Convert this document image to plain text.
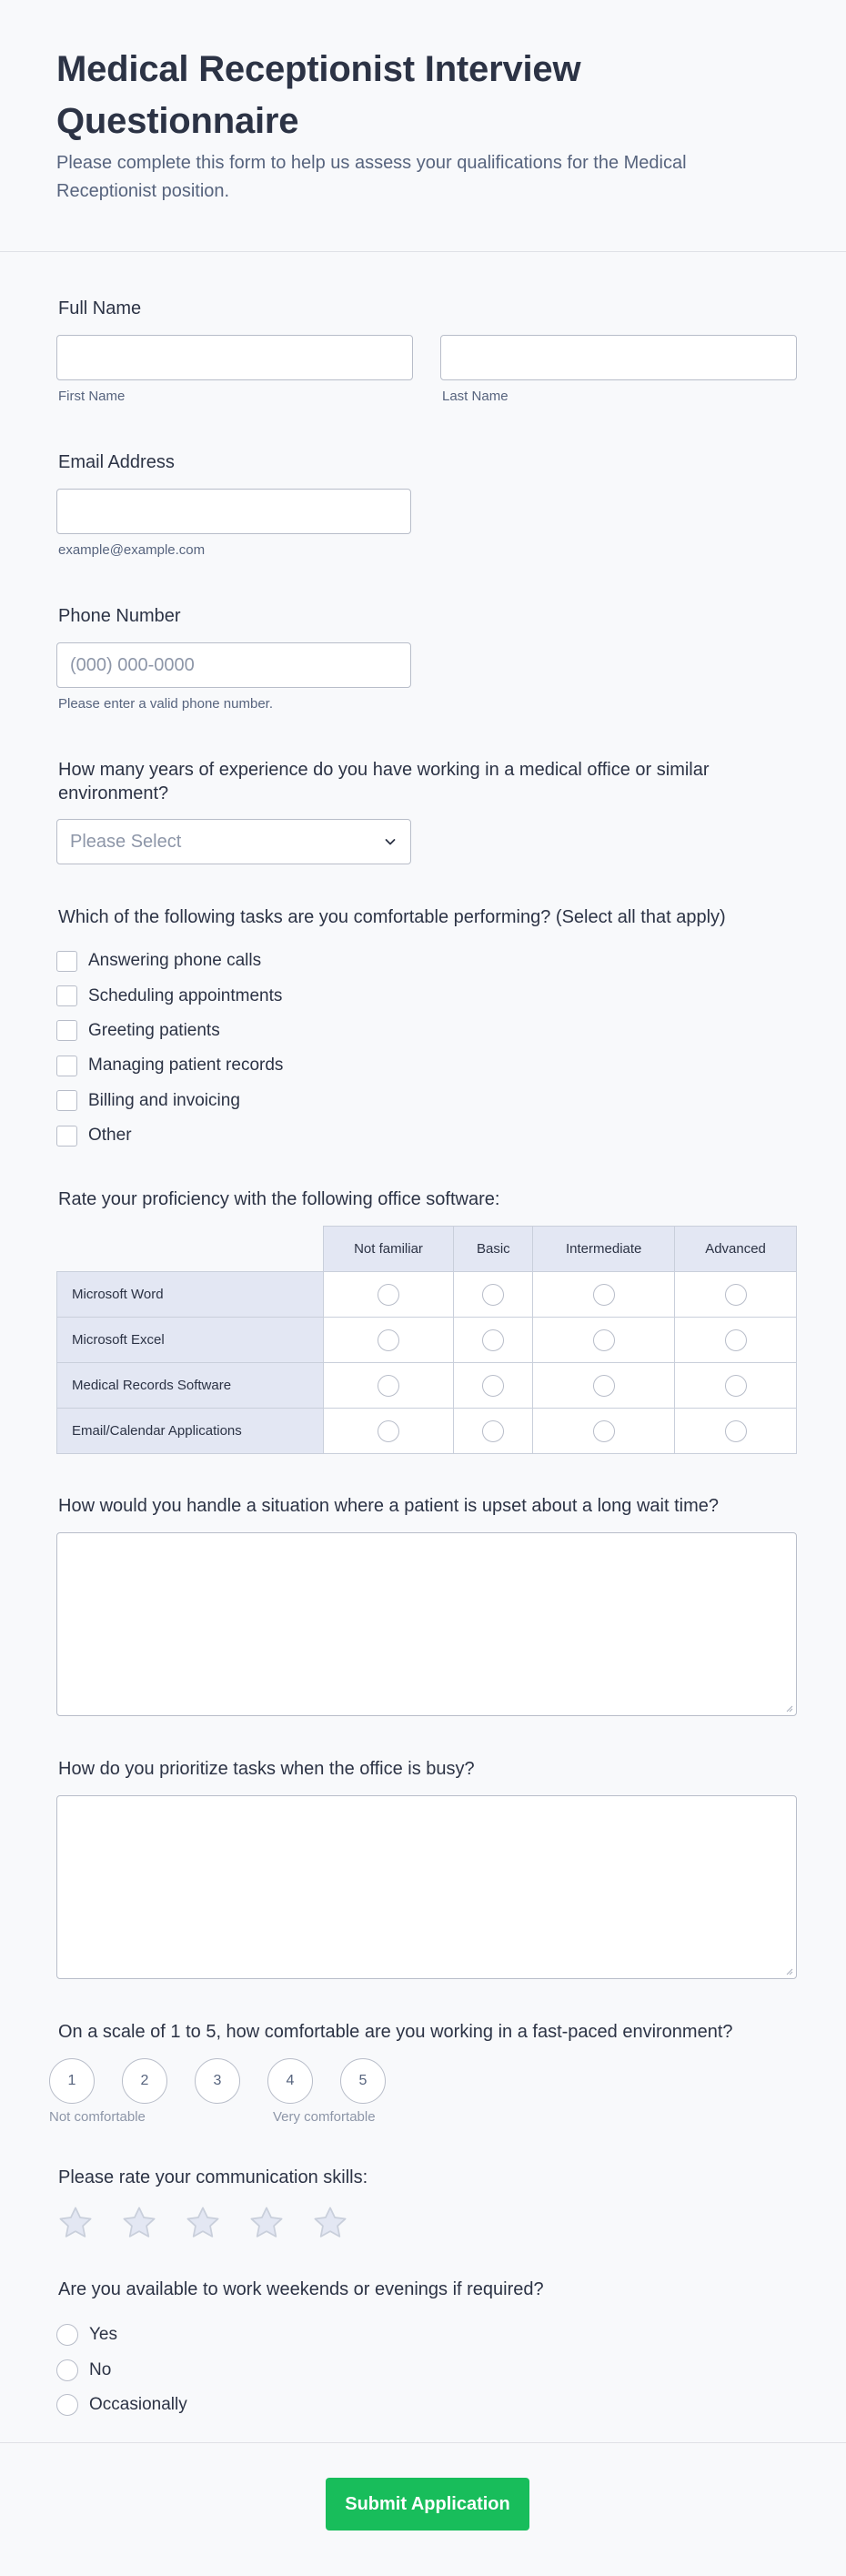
Medical Receptionist Interview Questionnaire

Please complete this form to help us assess your qualifications for the Medical Receptionist position.

Full Name
First Name	Last Name
Email Address
example@example.com
Phone Number
(000) 000-0000
Please enter a valid phone number.
How many years of experience do you have working in a medical office or similar environment?
Please Select
Which of the following tasks are you comfortable performing? (Select all that apply)
Answering phone calls
Scheduling appointments
Greeting patients
Managing patient records
Billing and invoicing
Other
Rate your proficiency with the following office software:
	Not familiar	Basic	Intermediate	Advanced
Microsoft Word				
Microsoft Excel				
Medical Records Software				
Email/Calendar Applications				
How would you handle a situation where a patient is upset about a long wait time?
How do you prioritize tasks when the office is busy?
On a scale of 1 to 5, how comfortable are you working in a fast-paced environment?
1	2	3	4	5
Not comfortable	Very comfortable
Please rate your communication skills:
Are you available to work weekends or evenings if required?
Yes
No
Occasionally
Submit Application
